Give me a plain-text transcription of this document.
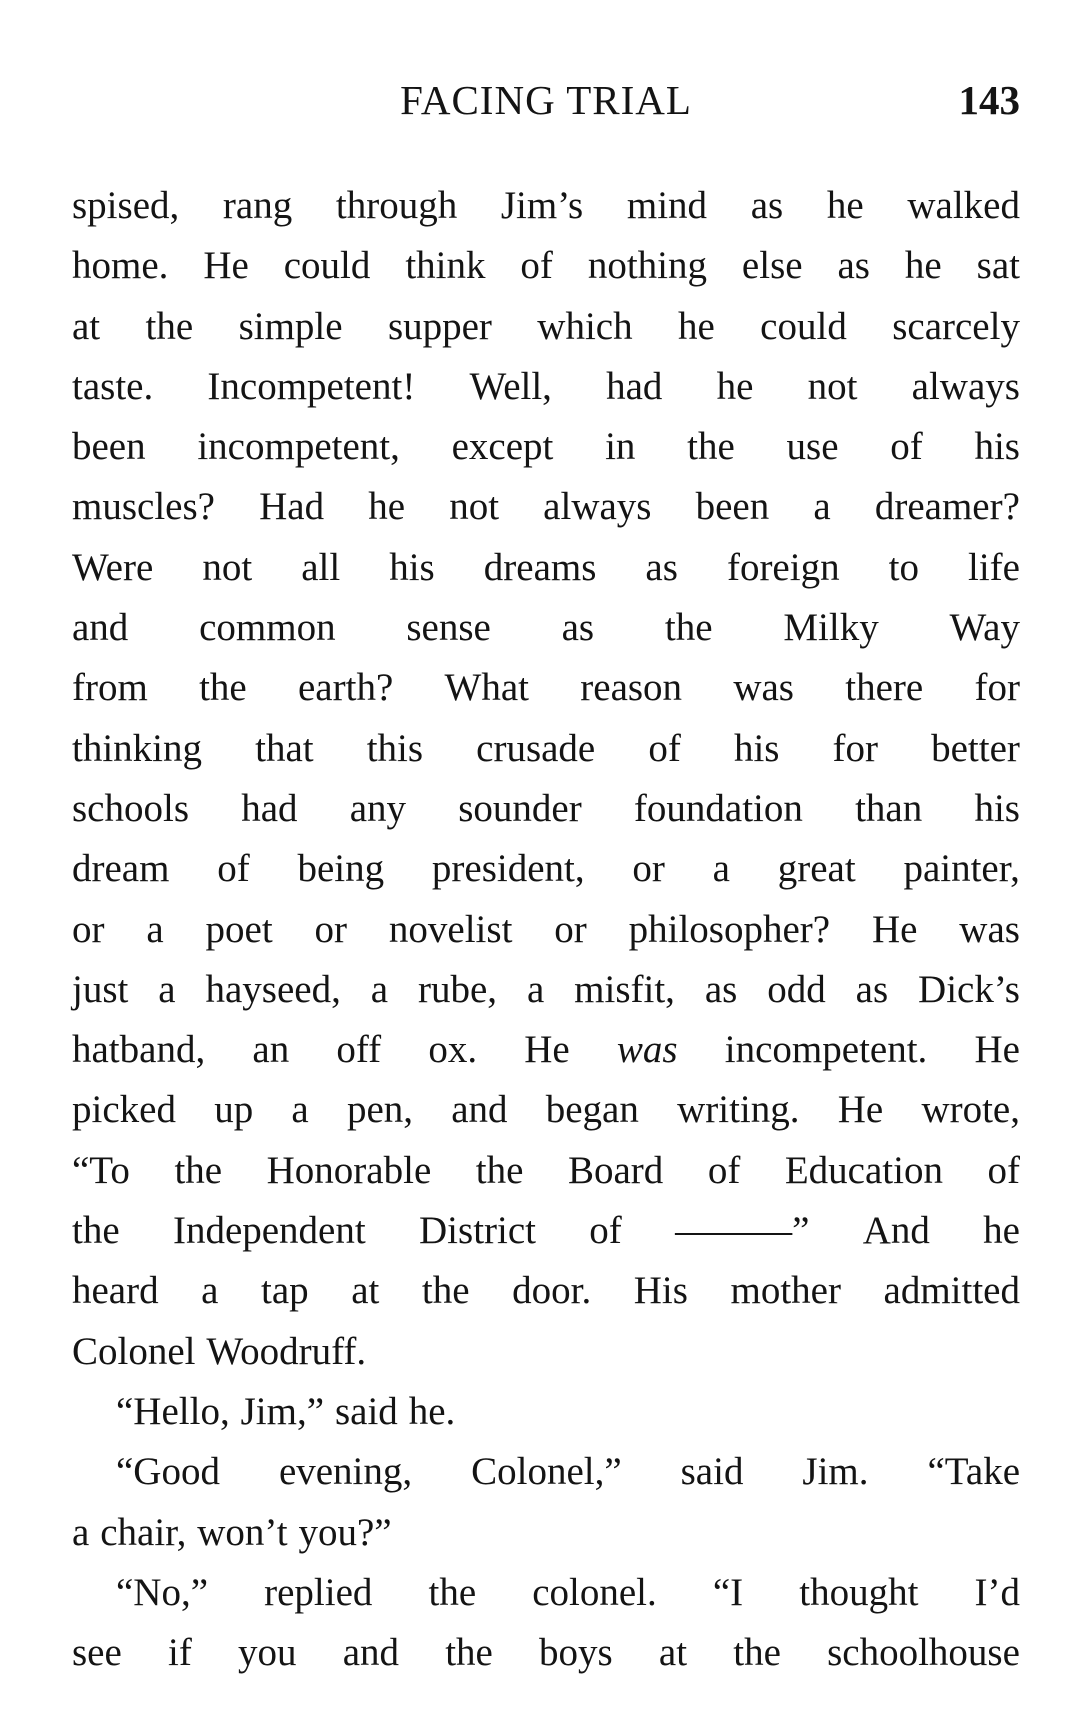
FACING TRIAL	143
spised, rang through Jim’s mind as he walked
home. He could think of nothing else as he sat
at the simple supper which he could scarcely
taste. Incompetent! Well, had he not always
been incompetent, except in the use of his
muscles? Had he not always been a dreamer?
Were not all his dreams as foreign to life
and common sense as the Milky Way
from the earth? What reason was there for
thinking that this crusade of his for better
schools had any sounder foundation than his
dream of being president, or a great painter,
or a poet or novelist or philosopher? He was
just a hayseed, a rube, a misfit, as odd as Dick’s
hatband, an off ox. He was incompetent. He
picked up a pen, and began writing. He wrote,
“To the Honorable the Board of Education of
the Independent District of ———” And he
heard a tap at the door. His mother admitted
Colonel Woodruff.
“Hello, Jim,” said he.
“Good evening, Colonel,” said Jim. “Take
a chair, won’t you?”
“No,” replied the colonel. “I thought I’d
see if you and the boys at the schoolhouse
